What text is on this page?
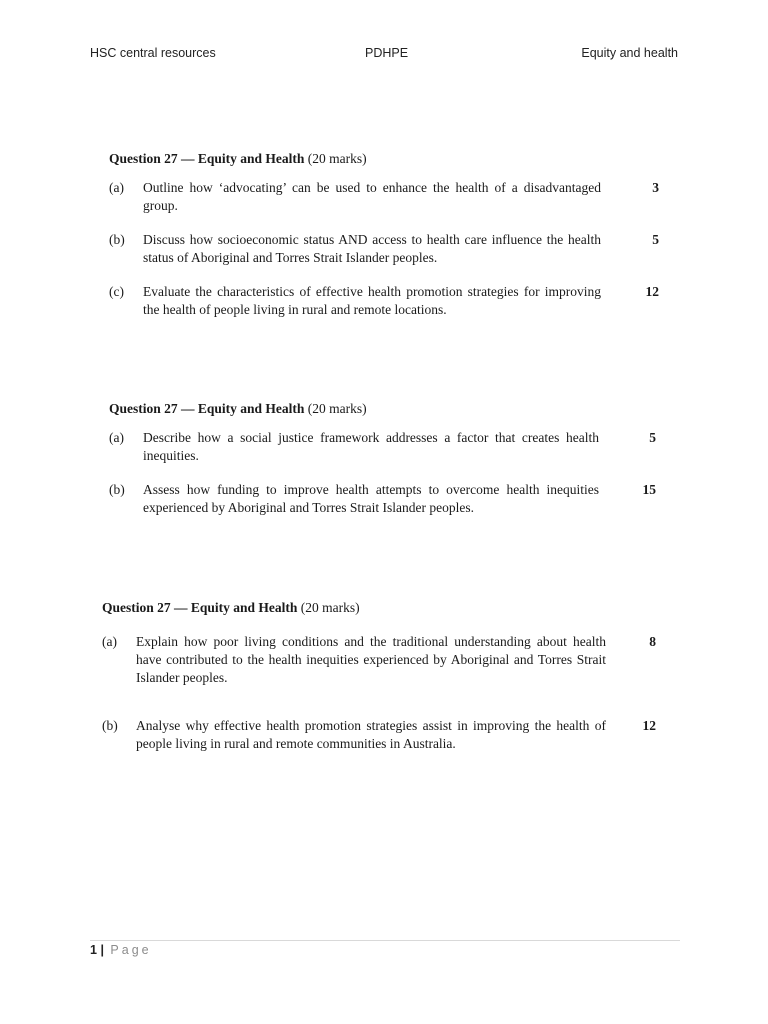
HSC central resources	PDHPE	Equity and health
Question 27 — Equity and Health (20 marks)
(a) Outline how ‘advocating’ can be used to enhance the health of a disadvantaged group.
3
(b) Discuss how socioeconomic status AND access to health care influence the health status of Aboriginal and Torres Strait Islander peoples.
5
(c) Evaluate the characteristics of effective health promotion strategies for improving the health of people living in rural and remote locations.
12
Question 27 — Equity and Health (20 marks)
(a) Describe how a social justice framework addresses a factor that creates health inequities.
5
(b) Assess how funding to improve health attempts to overcome health inequities experienced by Aboriginal and Torres Strait Islander peoples.
15
Question 27 — Equity and Health (20 marks)
(a) Explain how poor living conditions and the traditional understanding about health have contributed to the health inequities experienced by Aboriginal and Torres Strait Islander peoples.
8
(b) Analyse why effective health promotion strategies assist in improving the health of people living in rural and remote communities in Australia.
12
1 | Page
